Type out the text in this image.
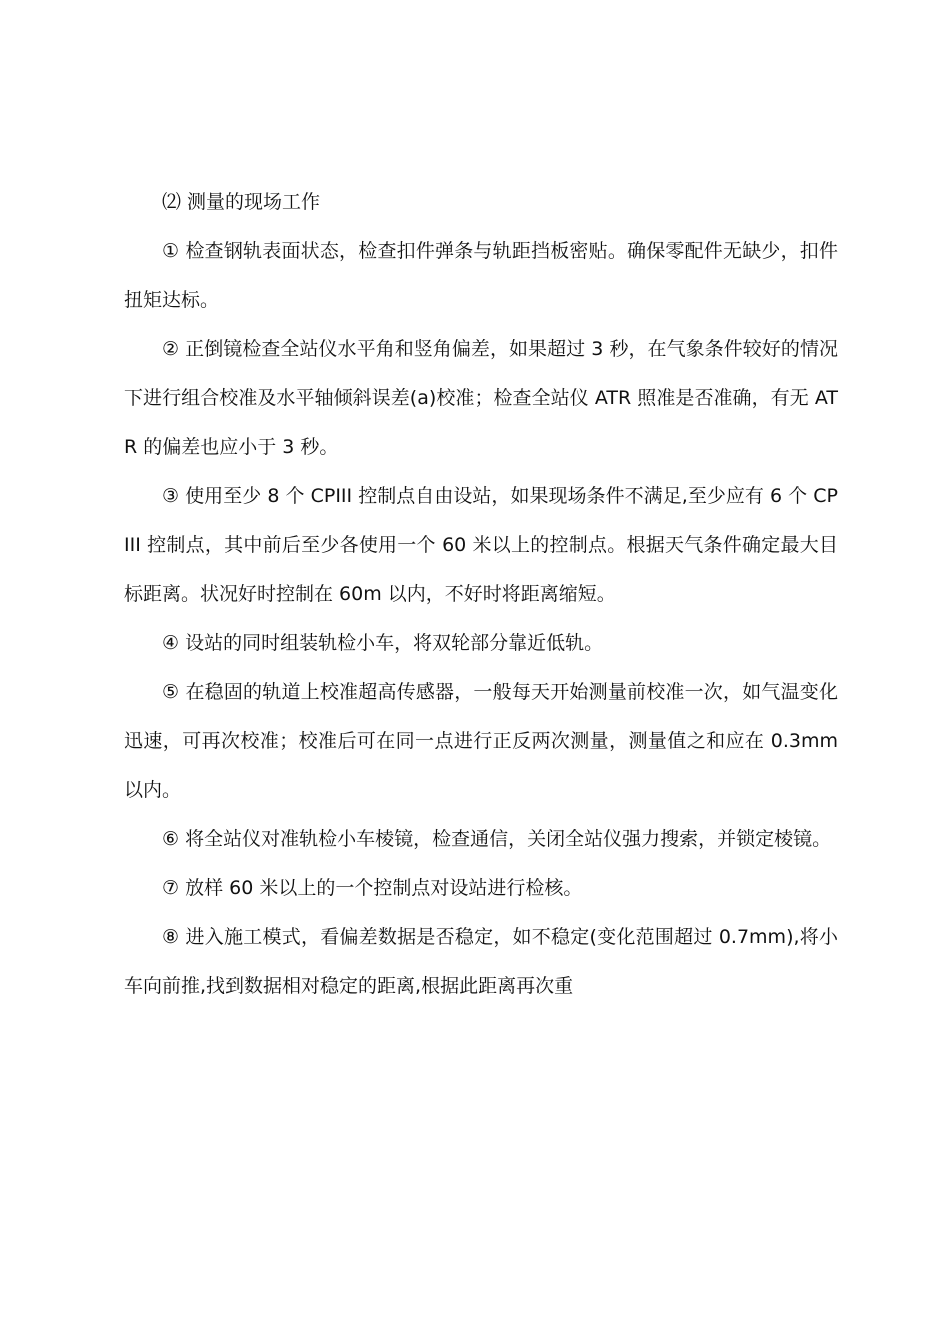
⑵ 测量的现场工作

① 检查钢轨表面状态，检查扣件弹条与轨距挡板密贴。确保零配件无缺少，扣件扭矩达标。

② 正倒镜检查全站仪水平角和竖角偏差，如果超过 3 秒，在气象条件较好的情况下进行组合校准及水平轴倾斜误差(a)校准；检查全站仪 ATR 照准是否准确，有无 ATR 的偏差也应小于 3 秒。

③ 使用至少 8 个 CPIII 控制点自由设站，如果现场条件不满足,至少应有 6 个 CPIII 控制点，其中前后至少各使用一个 60 米以上的控制点。根据天气条件确定最大目标距离。状况好时控制在 60m 以内，不好时将距离缩短。

④ 设站的同时组装轨检小车，将双轮部分靠近低轨。

⑤ 在稳固的轨道上校准超高传感器，一般每天开始测量前校准一次，如气温变化迅速，可再次校准；校准后可在同一点进行正反两次测量，测量值之和应在 0.3mm 以内。

⑥ 将全站仪对准轨检小车棱镜，检查通信，关闭全站仪强力搜索，并锁定棱镜。

⑦ 放样 60 米以上的一个控制点对设站进行检核。

⑧ 进入施工模式，看偏差数据是否稳定，如不稳定(变化范围超过 0.7mm),将小车向前推,找到数据相对稳定的距离,根据此距离再次重
